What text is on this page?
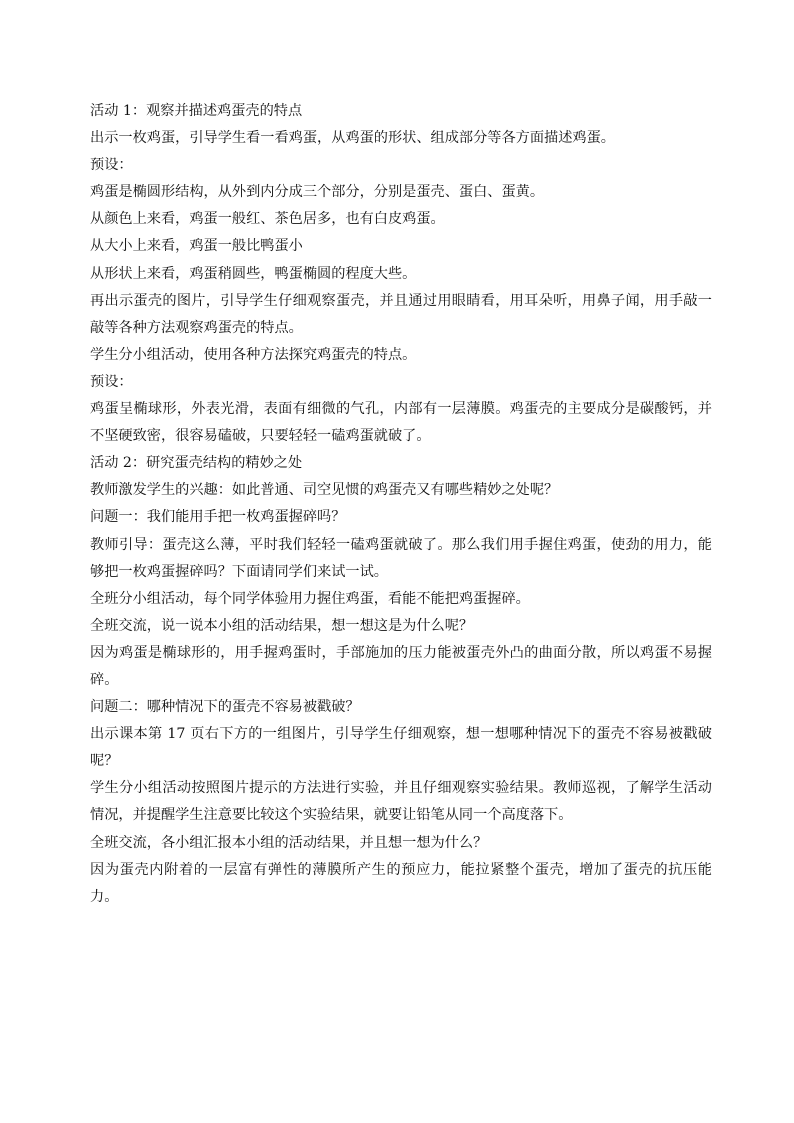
活动 1：观察并描述鸡蛋壳的特点

出示一枚鸡蛋，引导学生看一看鸡蛋，从鸡蛋的形状、组成部分等各方面描述鸡蛋。

预设：

鸡蛋是椭圆形结构，从外到内分成三个部分，分别是蛋壳、蛋白、蛋黄。

从颜色上来看，鸡蛋一般红、茶色居多，也有白皮鸡蛋。

从大小上来看，鸡蛋一般比鸭蛋小

从形状上来看，鸡蛋稍圆些，鸭蛋椭圆的程度大些。

再出示蛋壳的图片，引导学生仔细观察蛋壳，并且通过用眼睛看，用耳朵听，用鼻子闻，用手敲一敲等各种方法观察鸡蛋壳的特点。

学生分小组活动，使用各种方法探究鸡蛋壳的特点。

预设：

鸡蛋呈椭球形，外表光滑，表面有细微的气孔，内部有一层薄膜。鸡蛋壳的主要成分是碳酸钙，并不坚硬致密，很容易磕破，只要轻轻一磕鸡蛋就破了。

活动 2：研究蛋壳结构的精妙之处

教师激发学生的兴趣：如此普通、司空见惯的鸡蛋壳又有哪些精妙之处呢？

问题一：我们能用手把一枚鸡蛋握碎吗？

教师引导：蛋壳这么薄，平时我们轻轻一磕鸡蛋就破了。那么我们用手握住鸡蛋，使劲的用力，能够把一枚鸡蛋握碎吗？下面请同学们来试一试。

全班分小组活动，每个同学体验用力握住鸡蛋，看能不能把鸡蛋握碎。

全班交流，说一说本小组的活动结果，想一想这是为什么呢？

因为鸡蛋是椭球形的，用手握鸡蛋时，手部施加的压力能被蛋壳外凸的曲面分散，所以鸡蛋不易握碎。

问题二：哪种情况下的蛋壳不容易被戳破？

出示课本第 17 页右下方的一组图片，引导学生仔细观察，想一想哪种情况下的蛋壳不容易被戳破呢？

学生分小组活动按照图片提示的方法进行实验，并且仔细观察实验结果。教师巡视，了解学生活动情况，并提醒学生注意要比较这个实验结果，就要让铅笔从同一个高度落下。

全班交流，各小组汇报本小组的活动结果，并且想一想为什么？

因为蛋壳内附着的一层富有弹性的薄膜所产生的预应力，能拉紧整个蛋壳，增加了蛋壳的抗压能力。
